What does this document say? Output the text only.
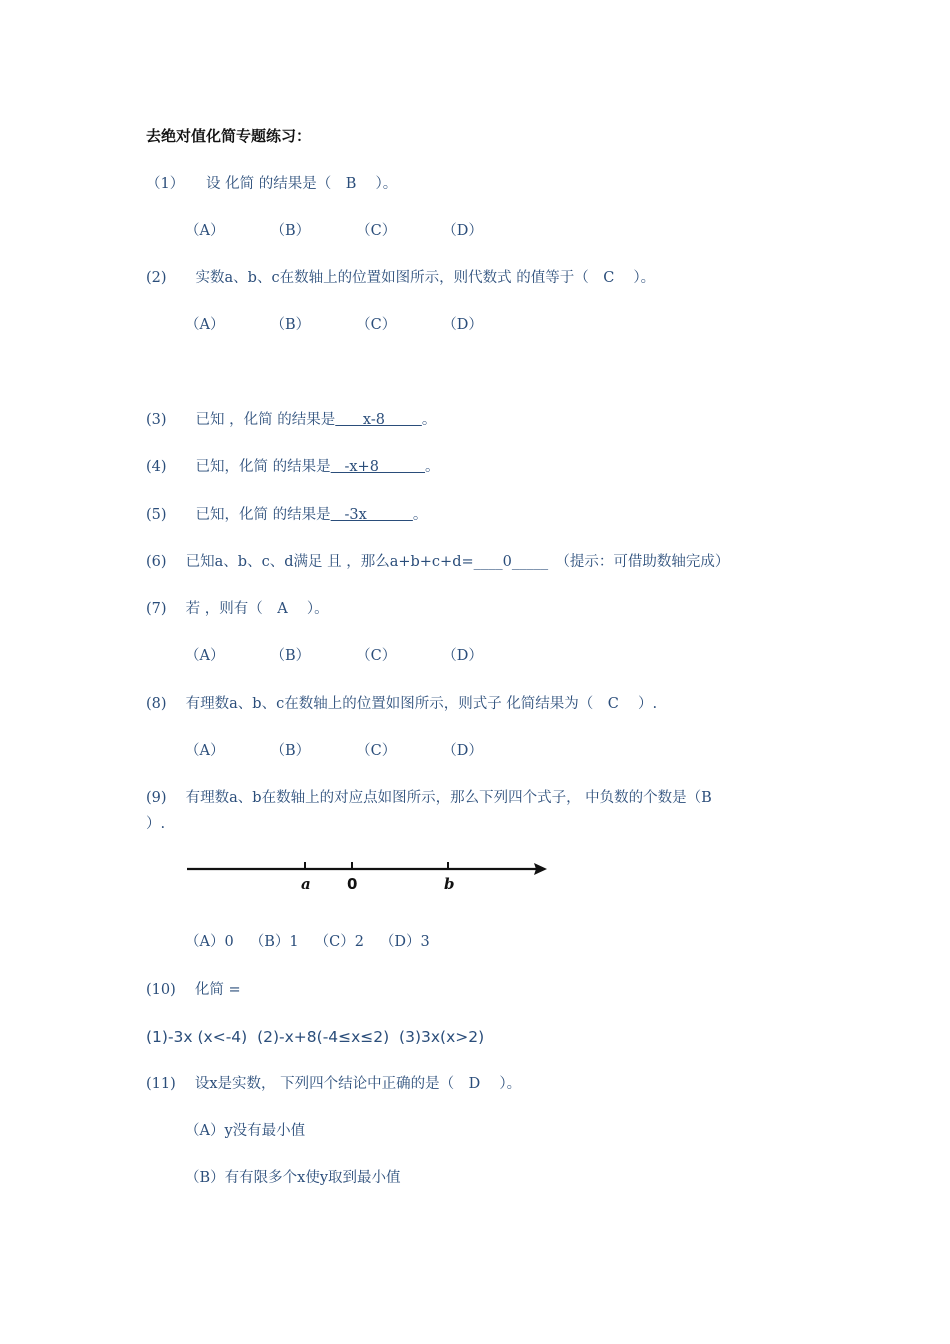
去绝对值化简专题练习：
（1）　　设 化简 的结果是（　B　 ）。
（A）	（B）	（C）	（D）
(2)　　实数a、b、c在数轴上的位置如图所示，则代数式 的值等于（　C　 ）。
（A）	（B）	（C）	（D）
(3)　　已知 ，化简 的结果是      x-8        。
(4)　　已知，化简 的结果是   -x+8          。
(5)　　已知，化简 的结果是   -3x          。
(6)　 已知a、b、c、d满足 且 ，那么a+b+c+d=____0_____　（提示：可借助数轴完成）
(7)　 若 ，则有（　A　 ）。
（A）	（B）	（C）	（D）
(8)　 有理数a、b、c在数轴上的位置如图所示，则式子 化简结果为（　C　 ）.
（A）	（B）	（C）	（D）
(9)　 有理数a、b在数轴上的对应点如图所示，那么下列四个式子， 中负数的个数是（B
）.
a 0	b
（A）0 （B）1 （C）2 （D）3
(10)　 化简 =
(1)-3x (x<-4)  (2)-x+8(-4≤x≤2)  (3)3x(x>2)
(11)　 设x是实数， 下列四个结论中正确的是（　D　 ）。
（A）y没有最小值
（B）有有限多个x使y取到最小值
